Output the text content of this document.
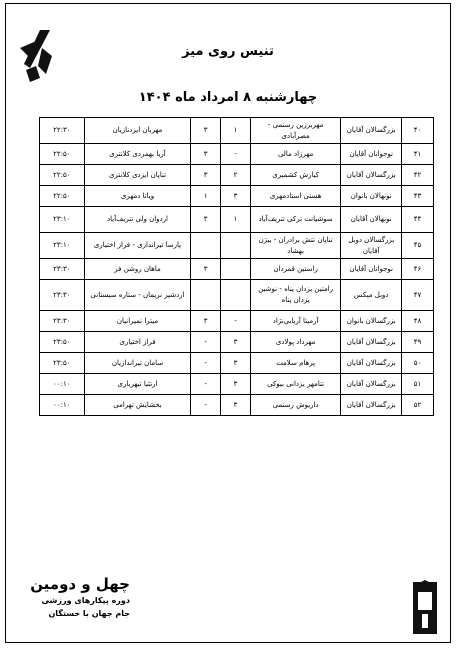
تنیس روی میز
چهارشنبه ۸ امرداد ماه ۱۴۰۴
۴۰	بزرگسالان آقایان	مهربرزین رستمی - مصرآبادی	۱	۳	مهربان ایزدنازیان	۲۲:۳۰
۴۱	نوجوانان آقایان	مهرزاد مالی	-	۳	آریا بهمردی کلانتری	۲۲:۵۰
۴۲	بزرگسالان آقایان	کیارش کشمیری	۲	۳	تناپان ایزدی کلانتری	۲۲:۵۰
۴۳	نونهالان بانوان	هستی استادمهری	۳	۱	ویانا دمهری	۲۲:۵۰
۴۴	نونهالان آقایان	سوشیانت ترکی تتریف‌آباد	۱	۳	اردوان ولی تتریف‌آباد	۲۳:۱۰
۴۵	بزرگسالان دوبل آقایان	تناپان تتش برادران - بیژن بهشاد			پارسا تیراندازی - فراز اختیاری	۲۳:۱۰
۴۶	نوجوانان آقایان	راستین قمردان		۳	ماهان روشن فر	۲۳:۳۰
۴۷	دوبل میکس	رامتین یزدان پناه - نوشین یزدان پناه			اردشیر نریمان - ستاره سیستانی	۲۳:۳۰
۴۸	بزرگسالان بانوان	آرمیتا آریایی‌نژاد	-	۳	میترا نمیرانیان	۲۳:۳۰
۴۹	بزرگسالان آقایان	مهرداد پولادی	۳	-	فراز اختیاری	۲۳:۵۰
۵۰	بزرگسالان آقایان	پرهام سلامت	۳	-	سامان تیراندازیان	۲۳:۵۰
۵۱	بزرگسالان آقایان	تتامهر یزدانی بیوکی	۳	-	ارتئیا تیهریاری	۰۰:۱۰
۵۲	بزرگسالان آقایان	داریوش رستمی	۳	-	بخشایش تهرامی	۰۰:۱۰
چهل و دومین
دوره پیکارهای ورزشی
جام جهان با خستگان
